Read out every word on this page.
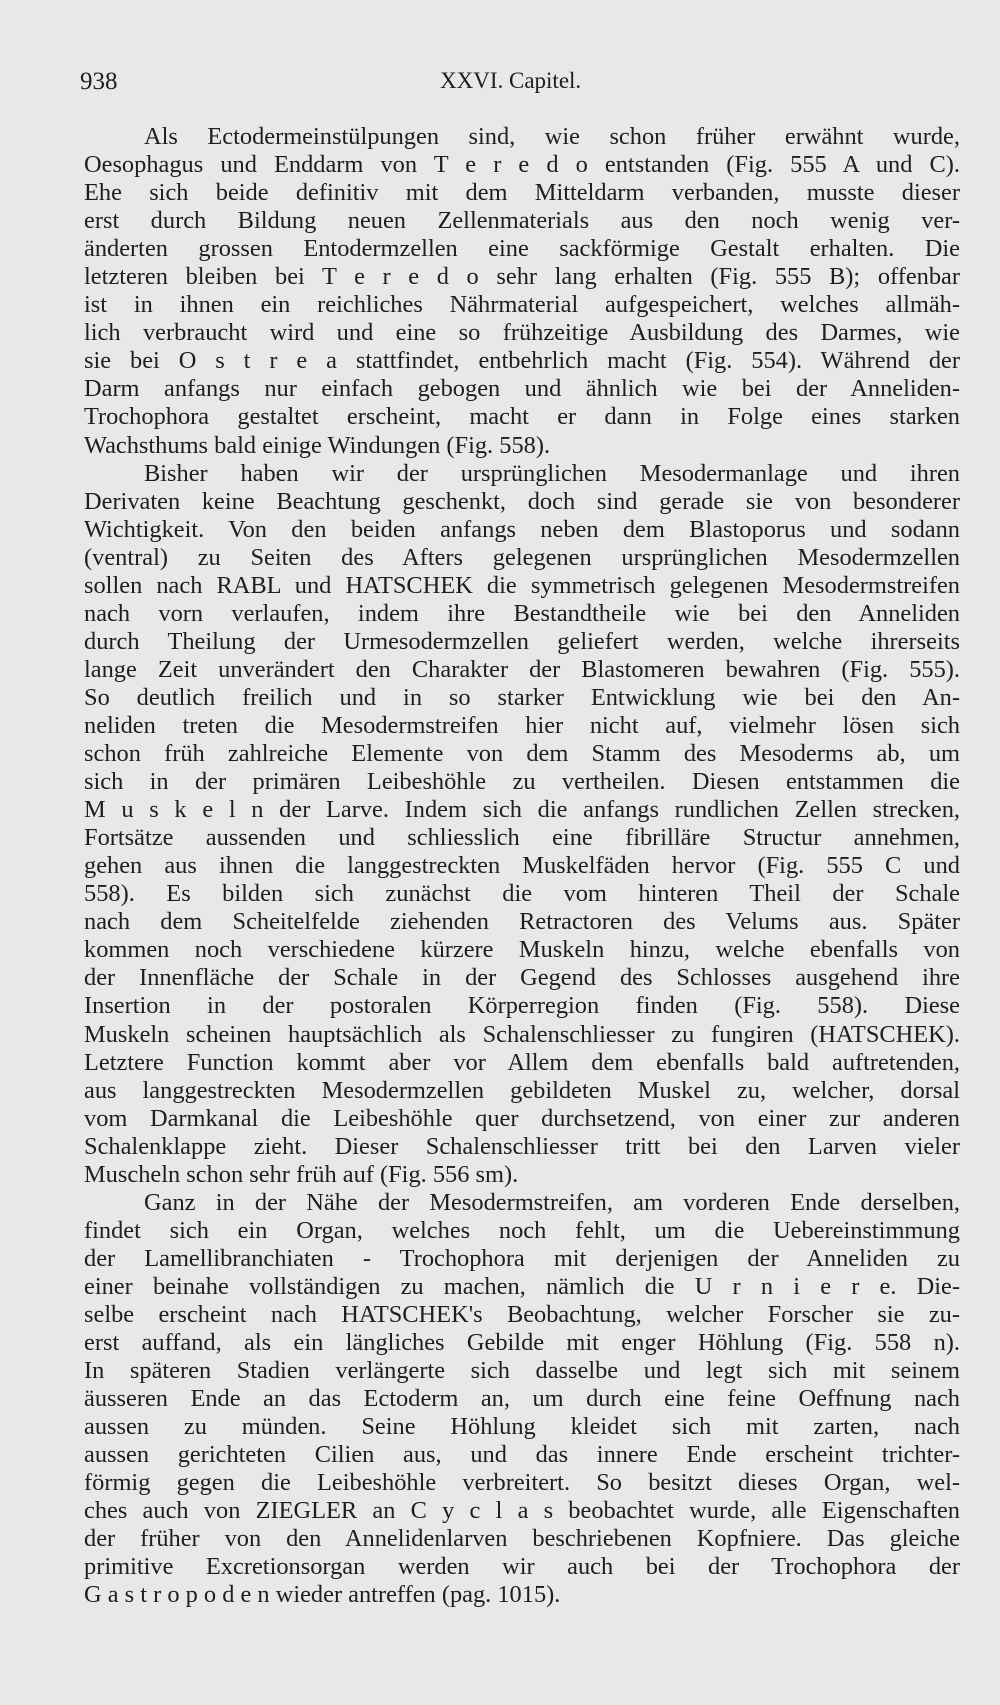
938	XXVI. Capitel.
Als Ectodermeinstülpungen sind, wie schon früher erwähnt wurde,
Oesophagus und Enddarm von T e r e d o entstanden (Fig. 555 A und C).
Ehe sich beide definitiv mit dem Mitteldarm verbanden, musste dieser
erst durch Bildung neuen Zellenmaterials aus den noch wenig ver-
änderten grossen Entodermzellen eine sackförmige Gestalt erhalten. Die
letzteren bleiben bei T e r e d o sehr lang erhalten (Fig. 555 B); offenbar
ist in ihnen ein reichliches Nährmaterial aufgespeichert, welches allmäh-
lich verbraucht wird und eine so frühzeitige Ausbildung des Darmes, wie
sie bei O s t r e a stattfindet, entbehrlich macht (Fig. 554). Während der
Darm anfangs nur einfach gebogen und ähnlich wie bei der Anneliden-
Trochophora gestaltet erscheint, macht er dann in Folge eines starken
Wachsthums bald einige Windungen (Fig. 558).
Bisher haben wir der ursprünglichen Mesodermanlage und ihren
Derivaten keine Beachtung geschenkt, doch sind gerade sie von besonderer
Wichtigkeit. Von den beiden anfangs neben dem Blastoporus und sodann
(ventral) zu Seiten des Afters gelegenen ursprünglichen Mesodermzellen
sollen nach RABL und HATSCHEK die symmetrisch gelegenen Mesodermstreifen
nach vorn verlaufen, indem ihre Bestandtheile wie bei den Anneliden
durch Theilung der Urmesodermzellen geliefert werden, welche ihrerseits
lange Zeit unverändert den Charakter der Blastomeren bewahren (Fig. 555).
So deutlich freilich und in so starker Entwicklung wie bei den An-
neliden treten die Mesodermstreifen hier nicht auf, vielmehr lösen sich
schon früh zahlreiche Elemente von dem Stamm des Mesoderms ab, um
sich in der primären Leibeshöhle zu vertheilen. Diesen entstammen die
M u s k e l n der Larve. Indem sich die anfangs rundlichen Zellen strecken,
Fortsätze aussenden und schliesslich eine fibrilläre Structur annehmen,
gehen aus ihnen die langgestreckten Muskelfäden hervor (Fig. 555 C und
558). Es bilden sich zunächst die vom hinteren Theil der Schale
nach dem Scheitelfelde ziehenden Retractoren des Velums aus. Später
kommen noch verschiedene kürzere Muskeln hinzu, welche ebenfalls von
der Innenfläche der Schale in der Gegend des Schlosses ausgehend ihre
Insertion in der postoralen Körperregion finden (Fig. 558). Diese
Muskeln scheinen hauptsächlich als Schalenschliesser zu fungiren (HATSCHEK).
Letztere Function kommt aber vor Allem dem ebenfalls bald auftretenden,
aus langgestreckten Mesodermzellen gebildeten Muskel zu, welcher, dorsal
vom Darmkanal die Leibeshöhle quer durchsetzend, von einer zur anderen
Schalenklappe zieht. Dieser Schalenschliesser tritt bei den Larven vieler
Muscheln schon sehr früh auf (Fig. 556 sm).
Ganz in der Nähe der Mesodermstreifen, am vorderen Ende derselben,
findet sich ein Organ, welches noch fehlt, um die Uebereinstimmung
der Lamellibranchiaten - Trochophora mit derjenigen der Anneliden zu
einer beinahe vollständigen zu machen, nämlich die U r n i e r e. Die-
selbe erscheint nach HATSCHEK's Beobachtung, welcher Forscher sie zu-
erst auffand, als ein längliches Gebilde mit enger Höhlung (Fig. 558 n).
In späteren Stadien verlängerte sich dasselbe und legt sich mit seinem
äusseren Ende an das Ectoderm an, um durch eine feine Oeffnung nach
aussen zu münden. Seine Höhlung kleidet sich mit zarten, nach
aussen gerichteten Cilien aus, und das innere Ende erscheint trichter-
förmig gegen die Leibeshöhle verbreitert. So besitzt dieses Organ, wel-
ches auch von ZIEGLER an C y c l a s beobachtet wurde, alle Eigenschaften
der früher von den Annelidenlarven beschriebenen Kopfniere. Das gleiche
primitive Excretionsorgan werden wir auch bei der Trochophora der
G a s t r o p o d e n wieder antreffen (pag. 1015).
